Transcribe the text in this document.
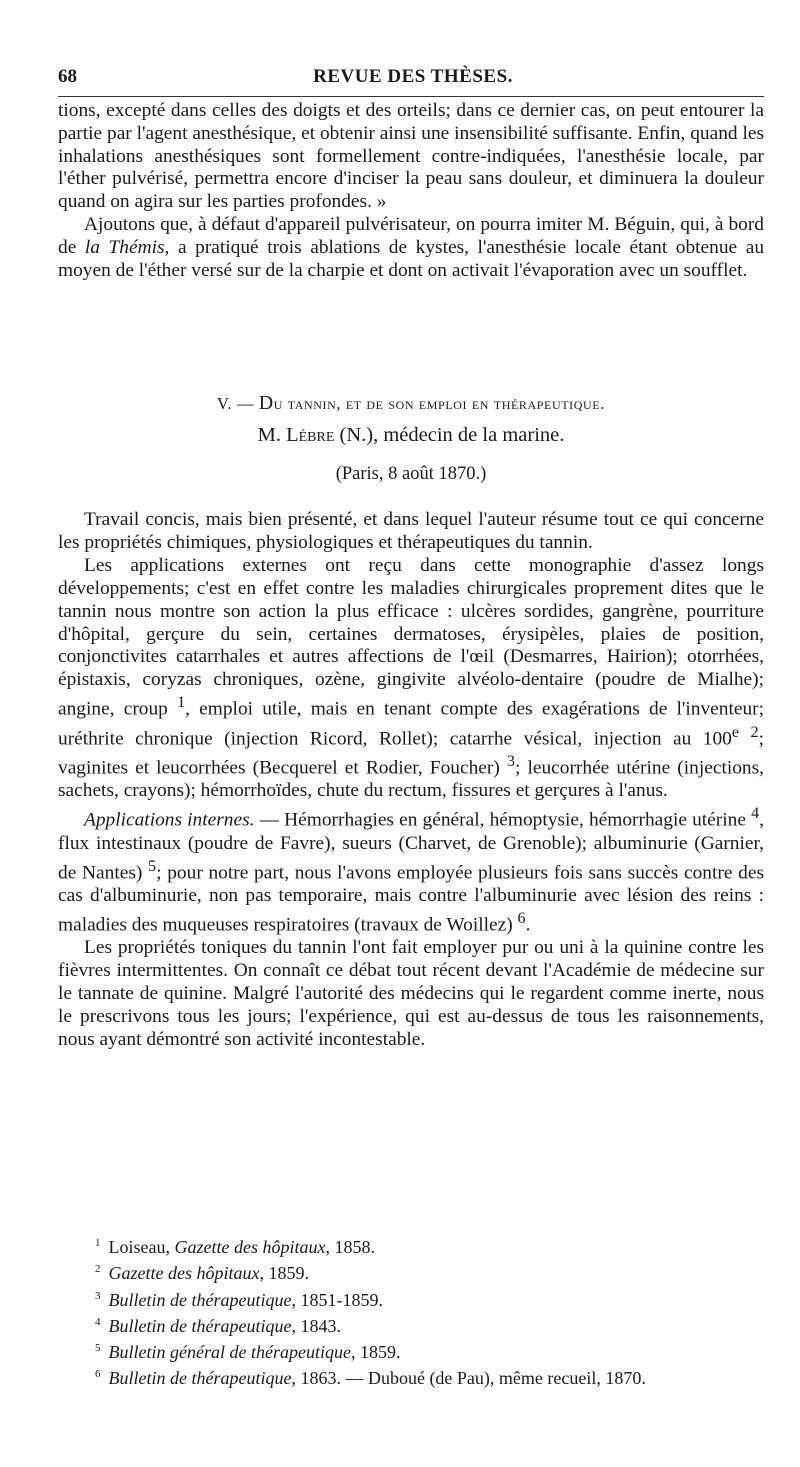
68	REVUE DES THÈSES.

tions, excepté dans celles des doigts et des orteils; dans ce dernier cas, on peut entourer la partie par l'agent anesthésique, et obtenir ainsi une insensibilité suffisante. Enfin, quand les inhalations anesthésiques sont formellement contre-indiquées, l'anesthésie locale, par l'éther pulvérisé, permettra encore d'inciser la peau sans douleur, et diminuera la douleur quand on agira sur les parties profondes. »

Ajoutons que, à défaut d'appareil pulvérisateur, on pourra imiter M. Béguin, qui, à bord de la Thémis, a pratiqué trois ablations de kystes, l'anesthésie locale étant obtenue au moyen de l'éther versé sur de la charpie et dont on activait l'évaporation avec un soufflet.

V. — Du tannin, et de son emploi en thérapeutique.
M. Lébre (N.), médecin de la marine.
(Paris, 8 août 1870.)

Travail concis, mais bien présenté, et dans lequel l'auteur résume tout ce qui concerne les propriétés chimiques, physiologiques et thérapeutiques du tannin.

Les applications externes ont reçu dans cette monographie d'assez longs développements; c'est en effet contre les maladies chirurgicales proprement dites que le tannin nous montre son action la plus efficace : ulcères sordides, gangrène, pourriture d'hôpital, gerçure du sein, certaines dermatoses, érysipèles, plaies de position, conjonctivites catarrhales et autres affections de l'œil (Desmarres, Hairion); otorrhées, épistaxis, coryzas chroniques, ozène, gingivite alvéolo-dentaire (poudre de Mialhe); angine, croup $^1$, emploi utile, mais en tenant compte des exagérations de l'inventeur; uréthrite chronique (injection Ricord, Rollet); catarrhe vésical, injection au 100e $^2$; vaginites et leucorrhées (Becquerel et Rodier, Foucher) $^3$; leucorrhée utérine (injections, sachets, crayons); hémorrhoïdes, chute du rectum, fissures et gerçures à l'anus.

Applications internes. — Hémorrhagies en général, hémoptysie, hémorrhagie utérine $^4$, flux intestinaux (poudre de Favre), sueurs (Charvet, de Grenoble); albuminurie (Garnier, de Nantes) $^5$; pour notre part, nous l'avons employée plusieurs fois sans succès contre des cas d'albuminurie, non pas temporaire, mais contre l'albuminurie avec lésion des reins : maladies des muqueuses respiratoires (travaux de Woillez) $^6$.

Les propriétés toniques du tannin l'ont fait employer pur ou uni à la quinine contre les fièvres intermittentes. On connaît ce débat tout récent devant l'Académie de médecine sur le tannate de quinine. Malgré l'autorité des médecins qui le regardent comme inerte, nous le prescrivons tous les jours; l'expérience, qui est au-dessus de tous les raisonnements, nous ayant démontré son activité incontestable.

$^1$ Loiseau, Gazette des hôpitaux, 1858.
$^2$ Gazette des hôpitaux, 1859.
$^3$ Bulletin de thérapeutique, 1851-1859.
$^4$ Bulletin de thérapeutique, 1843.
$^5$ Bulletin général de thérapeutique, 1859.
$^6$ Bulletin de thérapeutique, 1863. — Duboué (de Pau), même recueil, 1870.
